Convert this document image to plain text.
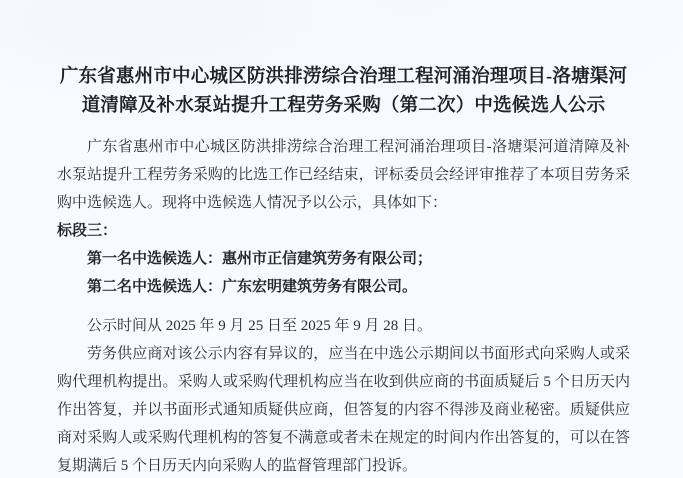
广东省惠州市中心城区防洪排涝综合治理工程河涌治理项目-洛塘渠河道清障及补水泵站提升工程劳务采购（第二次）中选候选人公示

广东省惠州市中心城区防洪排涝综合治理工程河涌治理项目-洛塘渠河道清障及补水泵站提升工程劳务采购的比选工作已经结束，评标委员会经评审推荐了本项目劳务采购中选候选人。现将中选候选人情况予以公示，具体如下：

标段三：

第一名中选候选人：惠州市正信建筑劳务有限公司；

第二名中选候选人：广东宏明建筑劳务有限公司。

公示时间从 2025 年 9 月 25 日至 2025 年 9 月 28 日。

劳务供应商对该公示内容有异议的，应当在中选公示期间以书面形式向采购人或采购代理机构提出。采购人或采购代理机构应当在收到供应商的书面质疑后 5 个日历天内作出答复，并以书面形式通知质疑供应商，但答复的内容不得涉及商业秘密。质疑供应商对采购人或采购代理机构的答复不满意或者未在规定的时间内作出答复的，可以在答复期满后 5 个日历天内向采购人的监督管理部门投诉。
